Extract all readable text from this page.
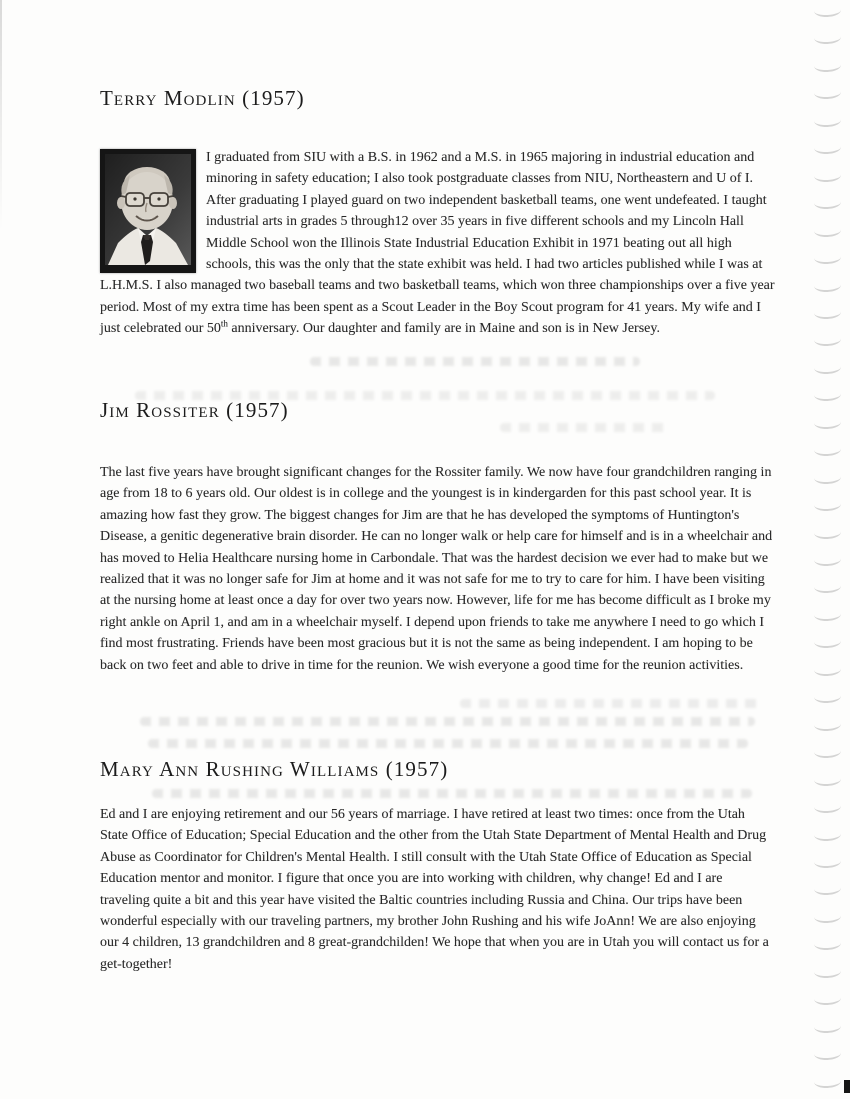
Terry Modlin (1957)

I graduated from SIU with a B.S. in 1962 and a M.S. in 1965 majoring in industrial education and minoring in safety education; I also took postgraduate classes from NIU, Northeastern and U of I. After graduating I played guard on two independent basketball teams, one went undefeated. I taught industrial arts in grades 5 through12 over 35 years in five different schools and my Lincoln Hall Middle School won the Illinois State Industrial Education Exhibit in 1971 beating out all high schools, this was the only that the state exhibit was held. I had two articles published while I was at L.H.M.S. I also managed two baseball teams and two basketball teams, which won three championships over a five year period. Most of my extra time has been spent as a Scout Leader in the Boy Scout program for 41 years. My wife and I just celebrated our 50th anniversary. Our daughter and family are in Maine and son is in New Jersey.

Jim Rossiter (1957)

The last five years have brought significant changes for the Rossiter family. We now have four grandchildren ranging in age from 18 to 6 years old. Our oldest is in college and the youngest is in kindergarden for this past school year. It is amazing how fast they grow. The biggest changes for Jim are that he has developed the symptoms of Huntington's Disease, a genitic degenerative brain disorder. He can no longer walk or help care for himself and is in a wheelchair and has moved to Helia Healthcare nursing home in Carbondale. That was the hardest decision we ever had to make but we realized that it was no longer safe for Jim at home and it was not safe for me to try to care for him. I have been visiting at the nursing home at least once a day for over two years now. However, life for me has become difficult as I broke my right ankle on April 1, and am in a wheelchair myself. I depend upon friends to take me anywhere I need to go which I find most frustrating. Friends have been most gracious but it is not the same as being independent. I am hoping to be back on two feet and able to drive in time for the reunion. We wish everyone a good time for the reunion activities.

Mary Ann Rushing Williams (1957)

Ed and I are enjoying retirement and our 56 years of marriage. I have retired at least two times: once from the Utah State Office of Education; Special Education and the other from the Utah State Department of Mental Health and Drug Abuse as Coordinator for Children's Mental Health. I still consult with the Utah State Office of Education as Special Education mentor and monitor. I figure that once you are into working with children, why change! Ed and I are traveling quite a bit and this year have visited the Baltic countries including Russia and China. Our trips have been wonderful especially with our traveling partners, my brother John Rushing and his wife JoAnn! We are also enjoying our 4 children, 13 grandchildren and 8 great-grandchilden! We hope that when you are in Utah you will contact us for a get-together!
